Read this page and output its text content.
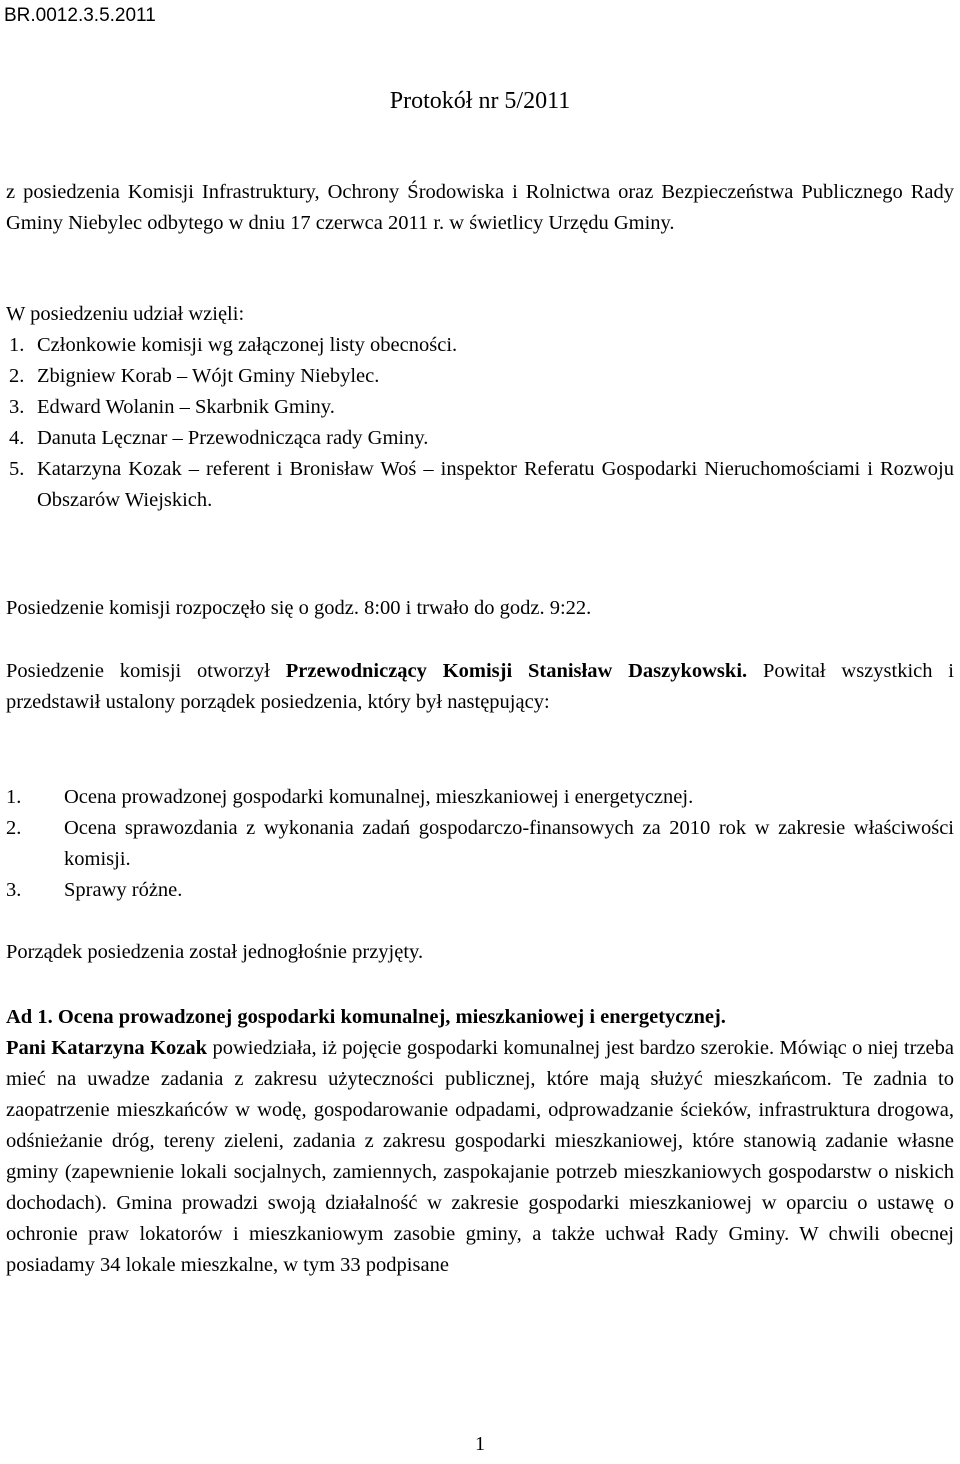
BR.0012.3.5.2011
Protokół nr 5/2011

z posiedzenia Komisji Infrastruktury, Ochrony Środowiska i Rolnictwa oraz Bezpieczeństwa Publicznego Rady Gminy Niebylec odbytego w dniu 17 czerwca 2011 r. w świetlicy Urzędu Gminy.

W posiedzeniu udział wzięli:

1. Członkowie komisji wg załączonej listy obecności.
2. Zbigniew Korab – Wójt Gminy Niebylec.
3. Edward Wolanin – Skarbnik Gminy.
4. Danuta Lęcznar – Przewodnicząca rady Gminy.
5. Katarzyna Kozak – referent i Bronisław Woś – inspektor Referatu Gospodarki Nieruchomościami i Rozwoju Obszarów Wiejskich.

Posiedzenie komisji rozpoczęło się o godz. 8:00 i trwało do godz. 9:22.

Posiedzenie komisji otworzył Przewodniczący Komisji Stanisław Daszykowski. Powitał wszystkich i przedstawił ustalony porządek posiedzenia, który był następujący:

1. Ocena prowadzonej gospodarki komunalnej, mieszkaniowej i energetycznej.
2. Ocena sprawozdania z wykonania zadań gospodarczo-finansowych za 2010 rok w zakresie właściwości komisji.
3. Sprawy różne.

Porządek posiedzenia został jednogłośnie przyjęty.

Ad 1. Ocena prowadzonej gospodarki komunalnej, mieszkaniowej i energetycznej.

Pani Katarzyna Kozak powiedziała, iż pojęcie gospodarki komunalnej jest bardzo szerokie. Mówiąc o niej trzeba mieć na uwadze zadania z zakresu użyteczności publicznej, które mają służyć mieszkańcom. Te zadnia to zaopatrzenie mieszkańców w wodę, gospodarowanie odpadami, odprowadzanie ścieków, infrastruktura drogowa, odśnieżanie dróg, tereny zieleni, zadania z zakresu gospodarki mieszkaniowej, które stanowią zadanie własne gminy (zapewnienie lokali socjalnych, zamiennych, zaspokajanie potrzeb mieszkaniowych gospodarstw o niskich dochodach). Gmina prowadzi swoją działalność w zakresie gospodarki mieszkaniowej w oparciu o ustawę o ochronie praw lokatorów i mieszkaniowym zasobie gminy, a także uchwał Rady Gminy. W chwili obecnej posiadamy 34 lokale mieszkalne, w tym 33 podpisane

1
